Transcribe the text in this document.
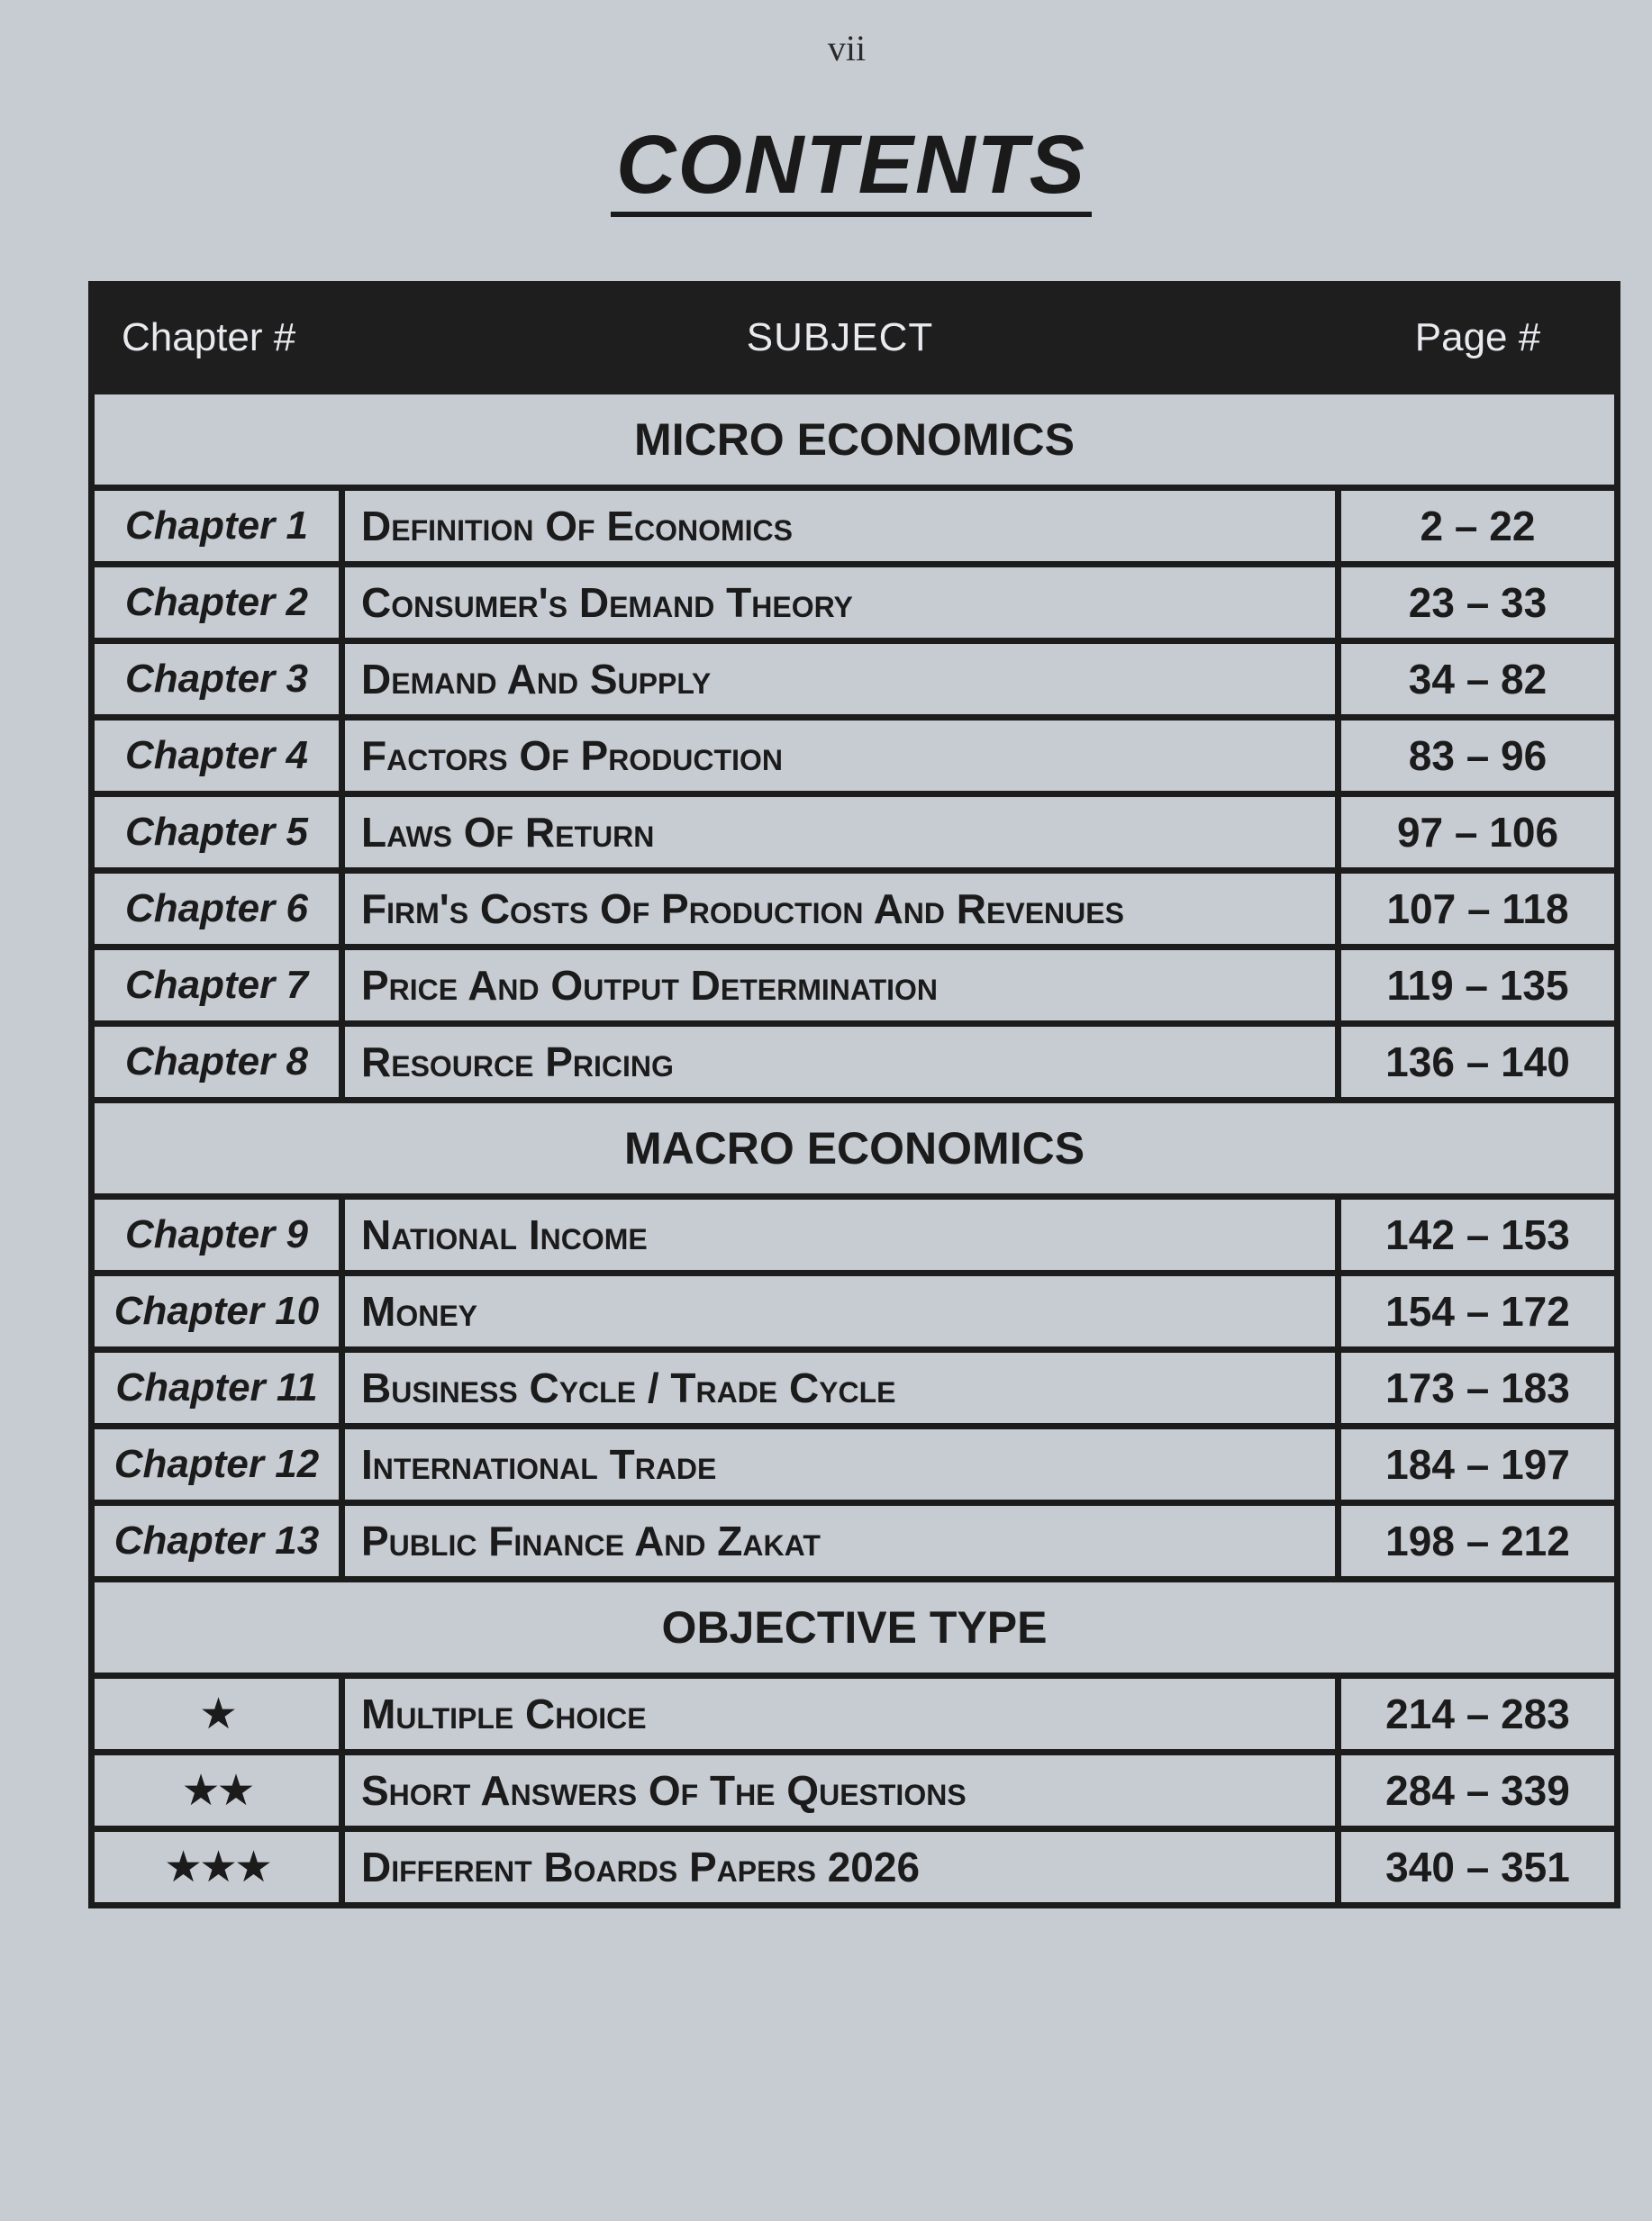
vii
CONTENTS
Chapter #	SUBJECT	Page #
MICRO ECONOMICS		
Chapter 1	Definition Of Economics	2 – 22
Chapter 2	Consumer's Demand Theory	23 – 33
Chapter 3	Demand And Supply	34 – 82
Chapter 4	Factors Of Production	83 – 96
Chapter 5	Laws Of Return	97 – 106
Chapter 6	Firm's Costs Of Production And Revenues	107 – 118
Chapter 7	Price And Output Determination	119 – 135
Chapter 8	Resource Pricing	136 – 140
MACRO ECONOMICS		
Chapter 9	National Income	142 – 153
Chapter 10	Money	154 – 172
Chapter 11	Business Cycle / Trade Cycle	173 – 183
Chapter 12	International Trade	184 – 197
Chapter 13	Public Finance And Zakat	198 – 212
OBJECTIVE TYPE		
★	Multiple Choice	214 – 283
★★	Short Answers Of The Questions	284 – 339
★★★	Different Boards Papers 2026	340 – 351
